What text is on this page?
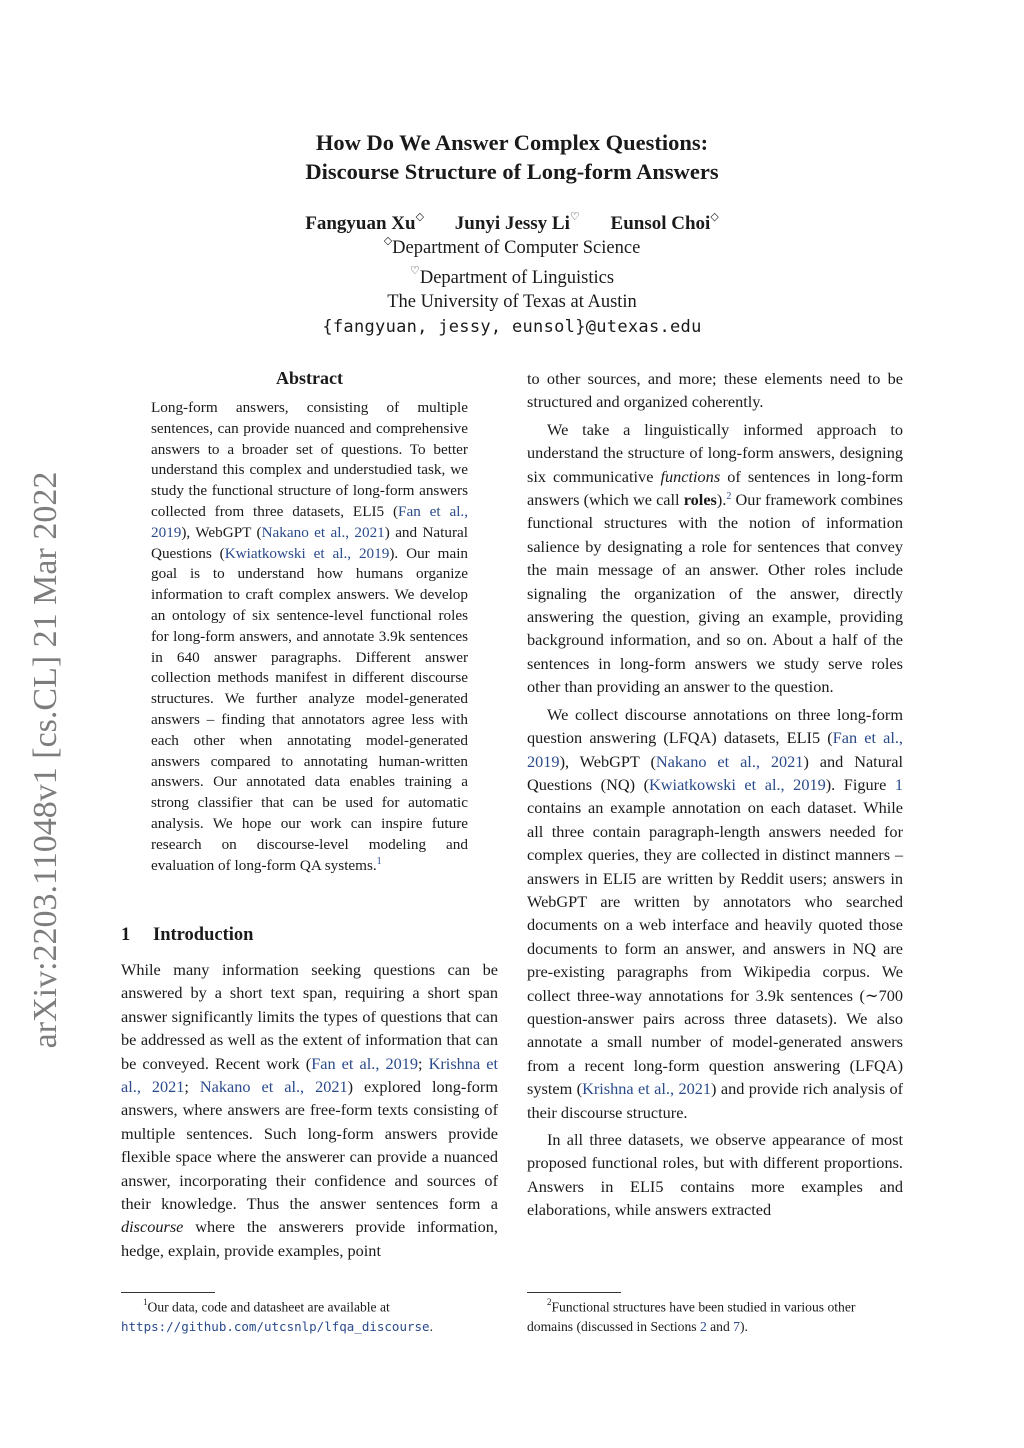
How Do We Answer Complex Questions:
Discourse Structure of Long-form Answers
Fangyuan Xu◇ Junyi Jessy Li♡ Eunsol Choi◇
◇Department of Computer Science
♡Department of Linguistics
The University of Texas at Austin
{fangyuan, jessy, eunsol}@utexas.edu
arXiv:2203.11048v1 [cs.CL] 21 Mar 2022
Abstract
Long-form answers, consisting of multiple sentences, can provide nuanced and comprehensive answers to a broader set of questions. To better understand this complex and understudied task, we study the functional structure of long-form answers collected from three datasets, ELI5 (Fan et al., 2019), WebGPT (Nakano et al., 2021) and Natural Questions (Kwiatkowski et al., 2019). Our main goal is to understand how humans organize information to craft complex answers. We develop an ontology of six sentence-level functional roles for long-form answers, and annotate 3.9k sentences in 640 answer paragraphs. Different answer collection methods manifest in different discourse structures. We further analyze model-generated answers – finding that annotators agree less with each other when annotating model-generated answers compared to annotating human-written answers. Our annotated data enables training a strong classifier that can be used for automatic analysis. We hope our work can inspire future research on discourse-level modeling and evaluation of long-form QA systems.$^1$
1 Introduction

While many information seeking questions can be answered by a short text span, requiring a short span answer significantly limits the types of questions that can be addressed as well as the extent of information that can be conveyed. Recent work (Fan et al., 2019; Krishna et al., 2021; Nakano et al., 2021) explored long-form answers, where answers are free-form texts consisting of multiple sentences. Such long-form answers provide flexible space where the answerer can provide a nuanced answer, incorporating their confidence and sources of their knowledge. Thus the answer sentences form a discourse where the answerers provide information, hedge, explain, provide examples, point

$^1$Our data, code and datasheet are available at https://github.com/utcsnlp/lfqa_discourse.

to other sources, and more; these elements need to be structured and organized coherently.

We take a linguistically informed approach to understand the structure of long-form answers, designing six communicative functions of sentences in long-form answers (which we call roles).$^2$ Our framework combines functional structures with the notion of information salience by designating a role for sentences that convey the main message of an answer. Other roles include signaling the organization of the answer, directly answering the question, giving an example, providing background information, and so on. About a half of the sentences in long-form answers we study serve roles other than providing an answer to the question.

We collect discourse annotations on three long-form question answering (LFQA) datasets, ELI5 (Fan et al., 2019), WebGPT (Nakano et al., 2021) and Natural Questions (NQ) (Kwiatkowski et al., 2019). Figure 1 contains an example annotation on each dataset. While all three contain paragraph-length answers needed for complex queries, they are collected in distinct manners – answers in ELI5 are written by Reddit users; answers in WebGPT are written by annotators who searched documents on a web interface and heavily quoted those documents to form an answer, and answers in NQ are pre-existing paragraphs from Wikipedia corpus. We collect three-way annotations for 3.9k sentences (∼700 question-answer pairs across three datasets). We also annotate a small number of model-generated answers from a recent long-form question answering (LFQA) system (Krishna et al., 2021) and provide rich analysis of their discourse structure.

In all three datasets, we observe appearance of most proposed functional roles, but with different proportions. Answers in ELI5 contains more examples and elaborations, while answers extracted

$^2$Functional structures have been studied in various other domains (discussed in Sections 2 and 7).
